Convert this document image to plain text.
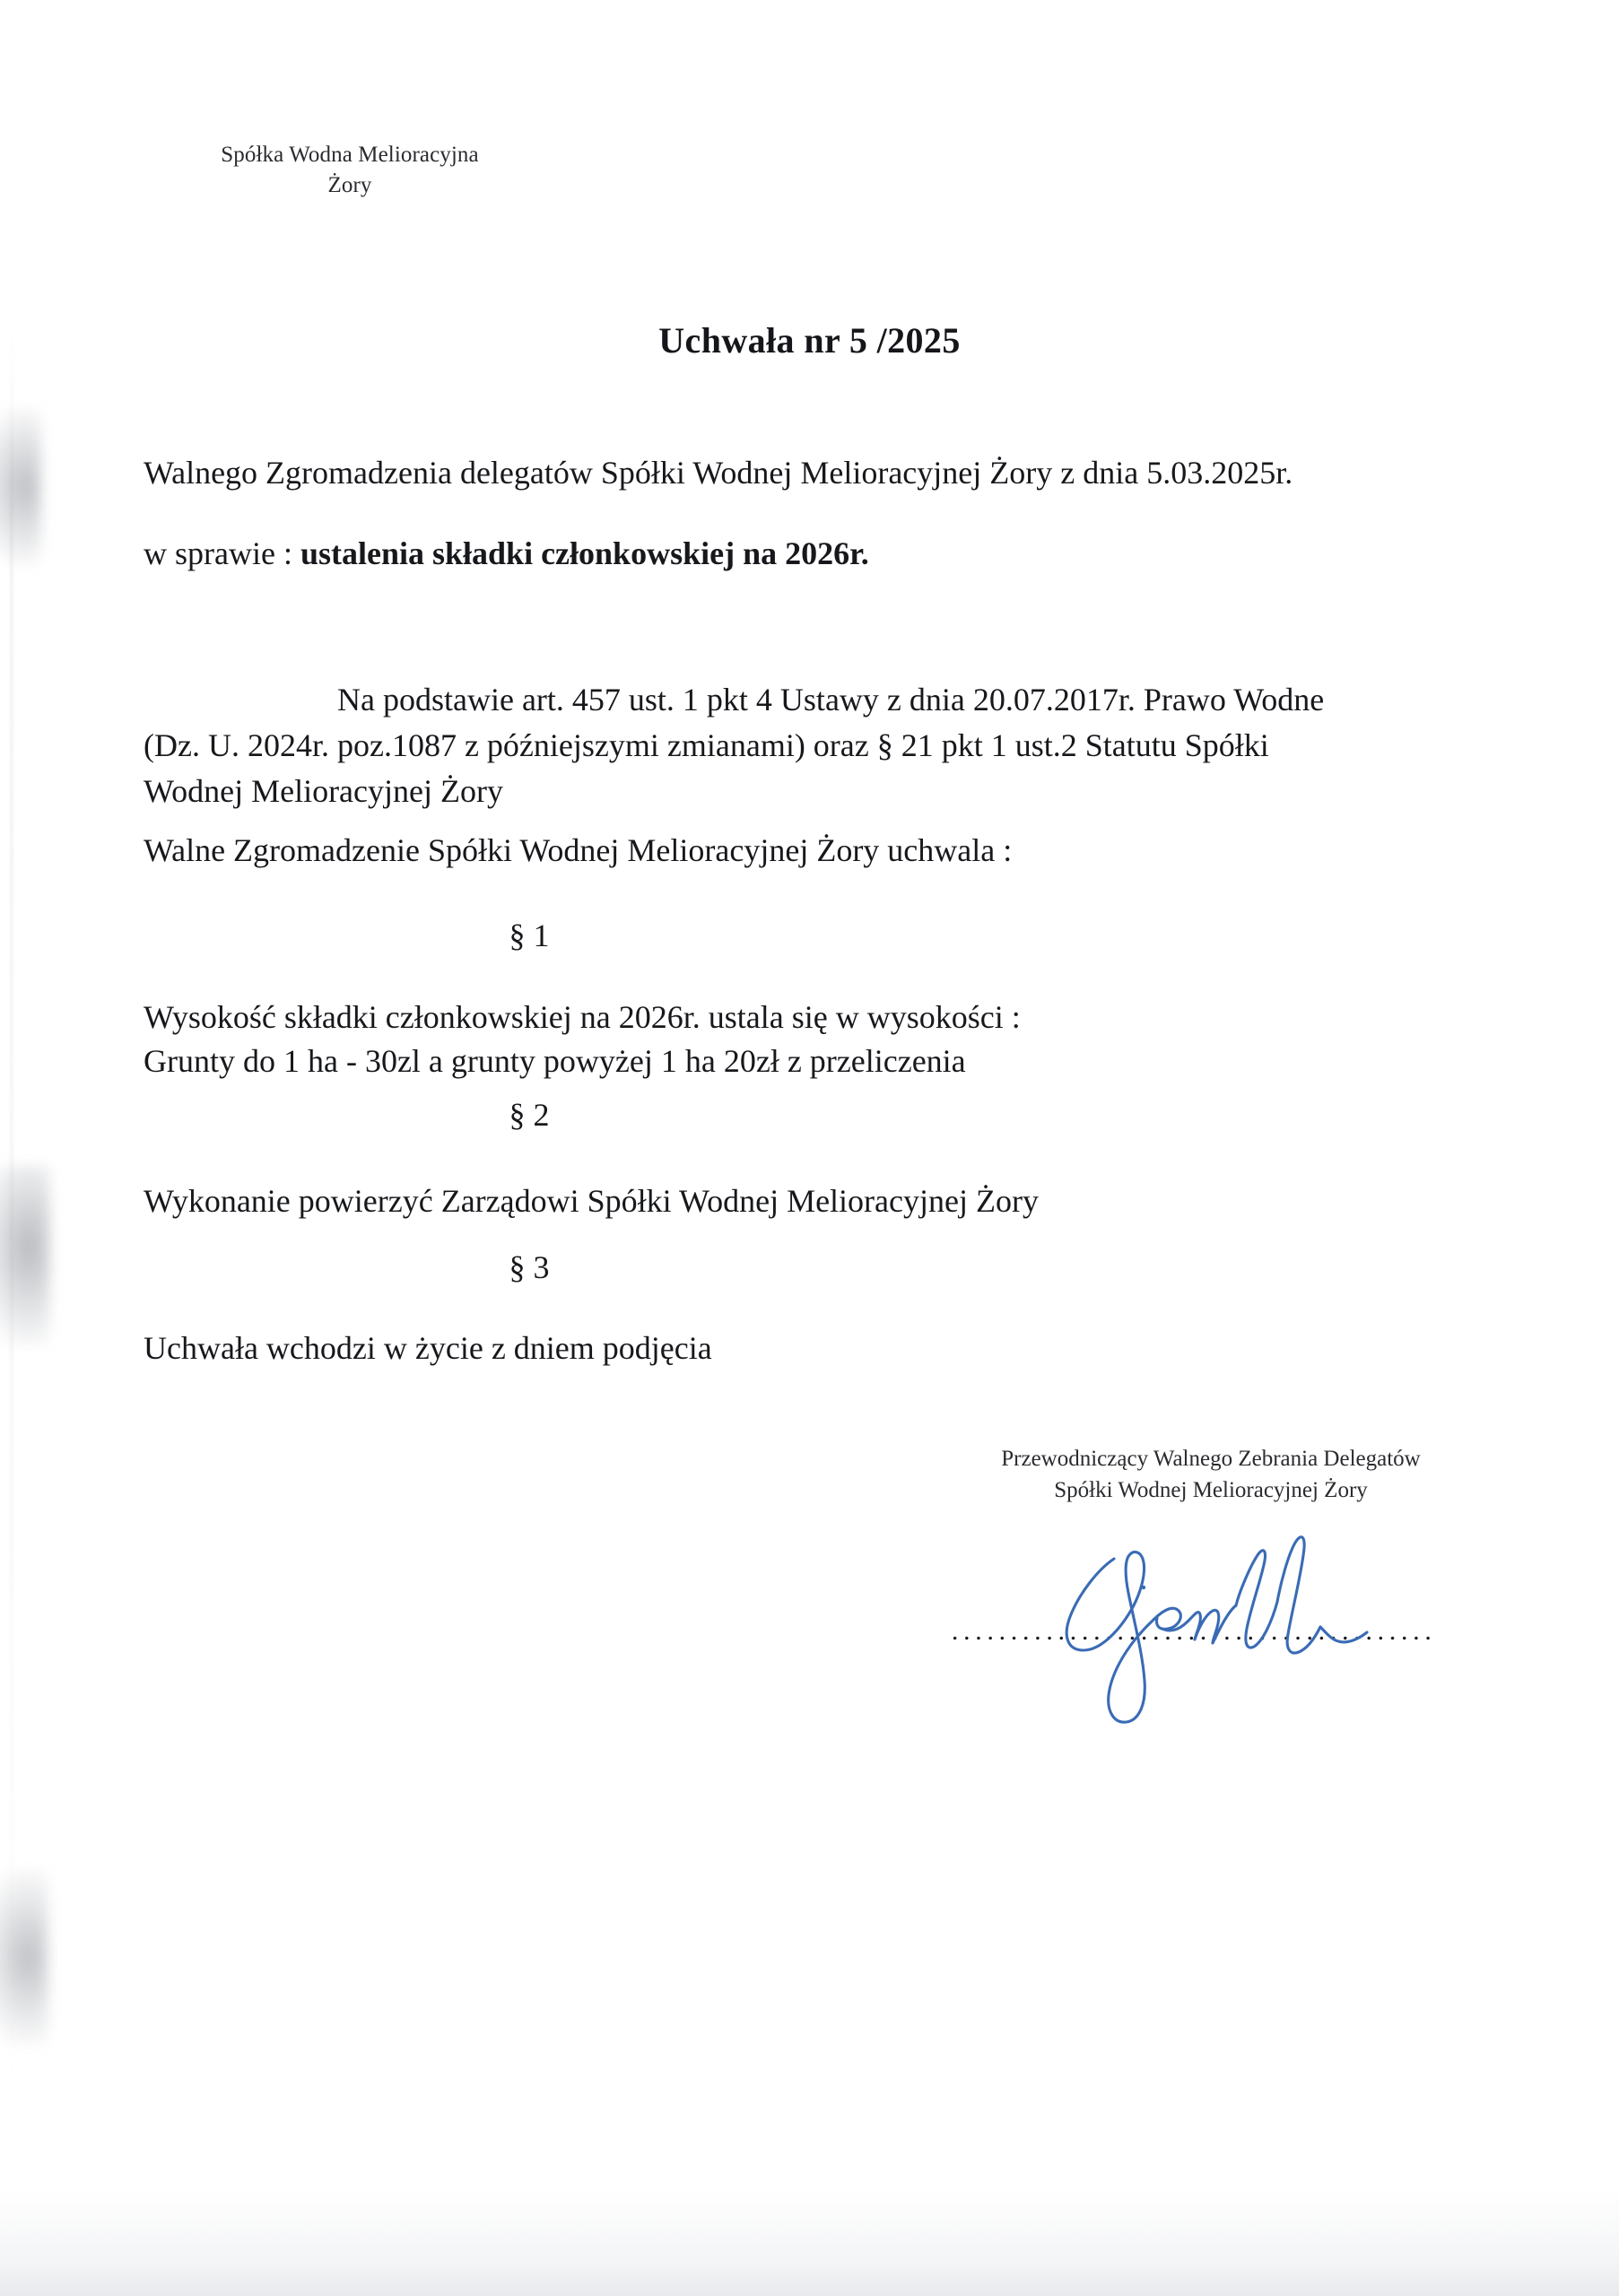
Spółka Wodna Melioracyjna
Żory
Uchwała nr 5 /2025

Walnego Zgromadzenia delegatów Spółki Wodnej Melioracyjnej Żory z dnia 5.03.2025r.

w sprawie : ustalenia składki członkowskiej na 2026r.

Na podstawie art. 457 ust. 1 pkt 4 Ustawy z dnia 20.07.2017r. Prawo Wodne

(Dz. U. 2024r. poz.1087 z późniejszymi zmianami) oraz § 21 pkt 1 ust.2 Statutu Spółki

Wodnej Melioracyjnej Żory

Walne Zgromadzenie Spółki Wodnej Melioracyjnej Żory uchwala :

§ 1

Wysokość składki członkowskiej na 2026r. ustala się w wysokości :

Grunty do 1 ha - 30zl a grunty powyżej 1 ha 20zł z przeliczenia

§ 2

Wykonanie powierzyć Zarządowi Spółki Wodnej Melioracyjnej Żory

§ 3

Uchwała wchodzi w życie z dniem podjęcia

Przewodniczący Walnego Zebrania Delegatów
Spółki Wodnej Melioracyjnej Żory
